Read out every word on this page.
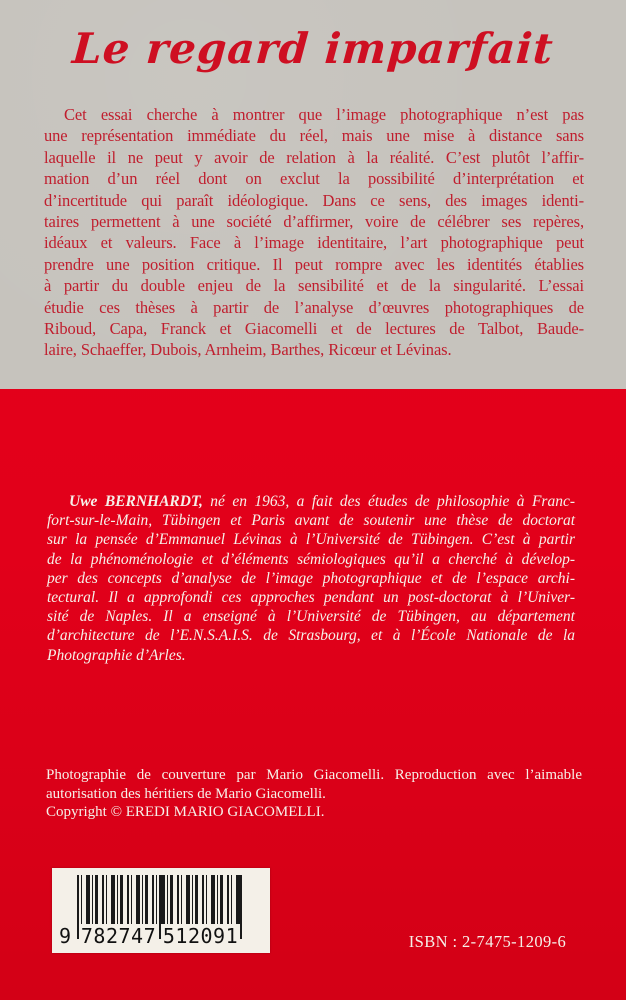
Le regard imparfait
Cet essai cherche à montrer que l’image photographique n’est pas
une représentation immédiate du réel, mais une mise à distance sans
laquelle il ne peut y avoir de relation à la réalité. C’est plutôt l’affir-
mation d’un réel dont on exclut la possibilité d’interprétation et
d’incertitude qui paraît idéologique. Dans ce sens, des images identi-
taires permettent à une société d’affirmer, voire de célébrer ses repères,
idéaux et valeurs. Face à l’image identitaire, l’art photographique peut
prendre une position critique. Il peut rompre avec les identités établies
à partir du double enjeu de la sensibilité et de la singularité. L’essai
étudie ces thèses à partir de l’analyse d’œuvres photographiques de
Riboud, Capa, Franck et Giacomelli et de lectures de Talbot, Baude-
laire, Schaeffer, Dubois, Arnheim, Barthes, Ricœur et Lévinas.
Uwe BERNHARDT, né en 1963, a fait des études de philosophie à Franc-
fort-sur-le-Main, Tübingen et Paris avant de soutenir une thèse de doctorat
sur la pensée d’Emmanuel Lévinas à l’Université de Tübingen. C’est à partir
de la phénoménologie et d’éléments sémiologiques qu’il a cherché à dévelop-
per des concepts d’analyse de l’image photographique et de l’espace archi-
tectural. Il a approfondi ces approches pendant un post-doctorat à l’Univer-
sité de Naples. Il a enseigné à l’Université de Tübingen, au département
d’architecture de l’E.N.S.A.I.S. de Strasbourg, et à l’École Nationale de la
Photographie d’Arles.
Photographie de couverture par Mario Giacomelli. Reproduction avec l’aimable
autorisation des héritiers de Mario Giacomelli.
Copyright © EREDI MARIO GIACOMELLI.
9 782747 512091	ISBN : 2-7475-1209-6
